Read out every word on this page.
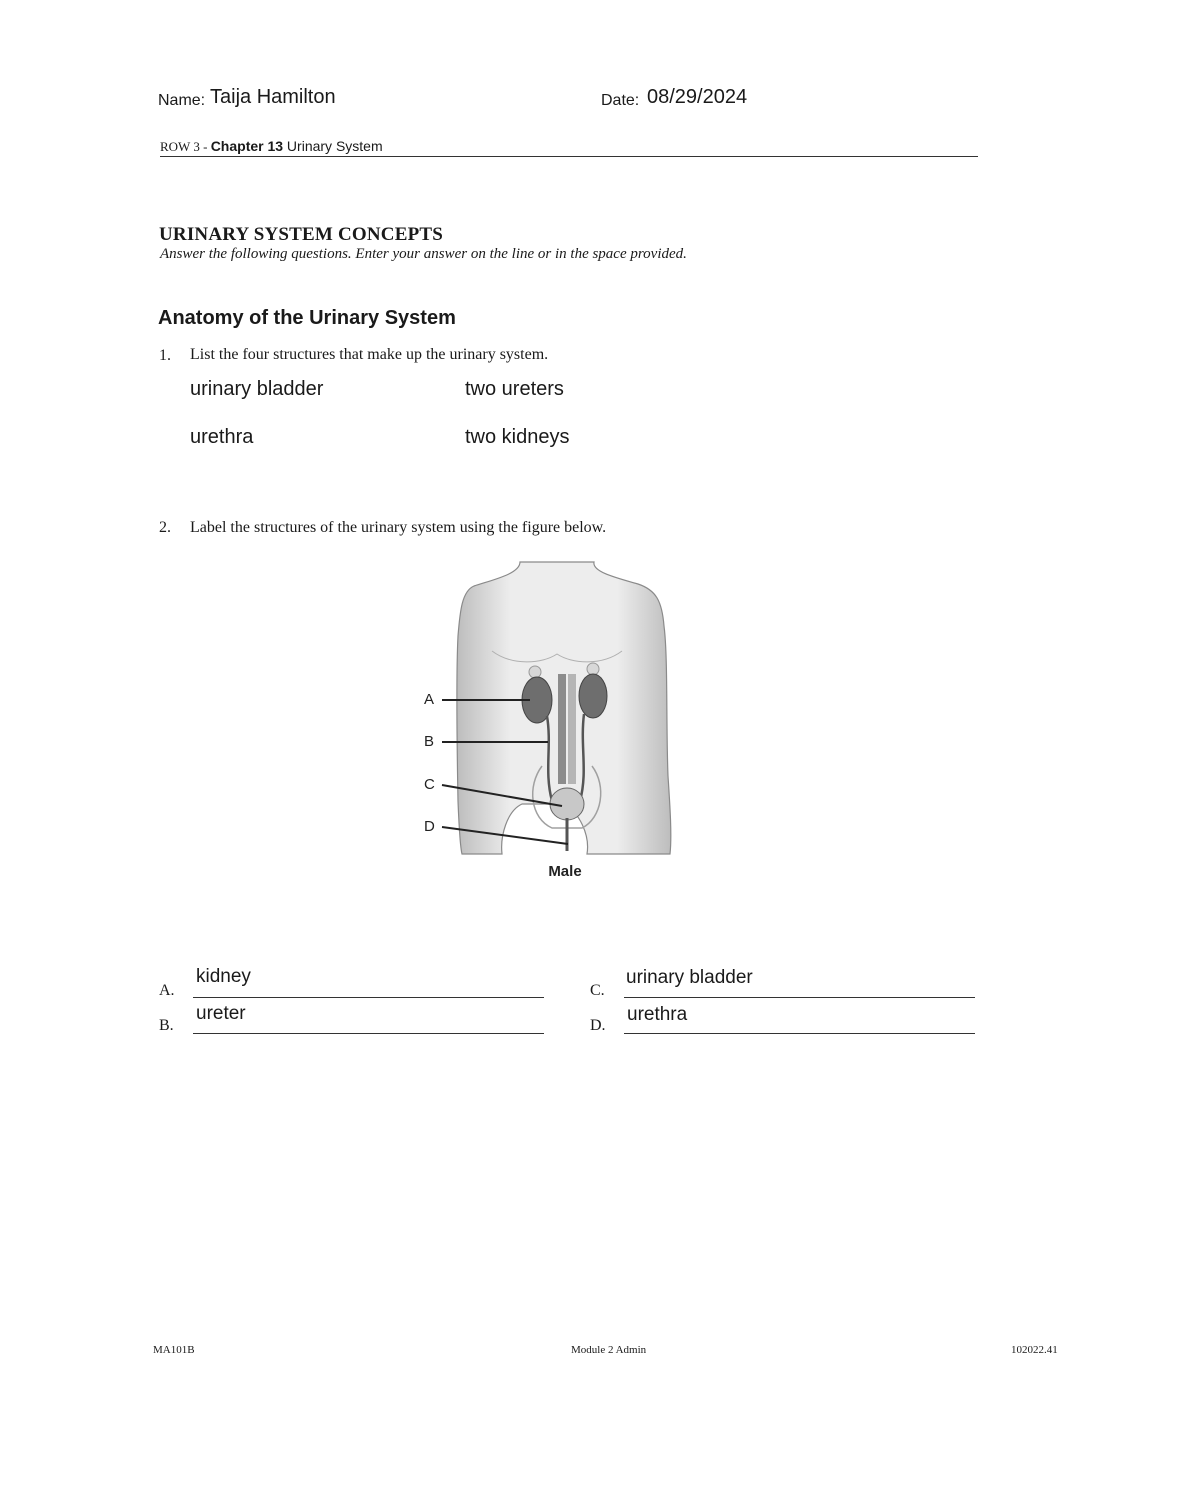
Name: Taija Hamilton	Date: 08/29/2024
ROW 3 - Chapter 13 Urinary System
URINARY SYSTEM CONCEPTS
Answer the following questions. Enter your answer on the line or in the space provided.
Anatomy of the Urinary System
1. List the four structures that make up the urinary system.
urinary bladder	two ureters
urethra	two kidneys
2. Label the structures of the urinary system using the figure below.
A
B
C
D
Male
A.
kidney
B.
ureter
C.
urinary bladder
D.
urethra
MA101B	Module 2 Admin	102022.41
